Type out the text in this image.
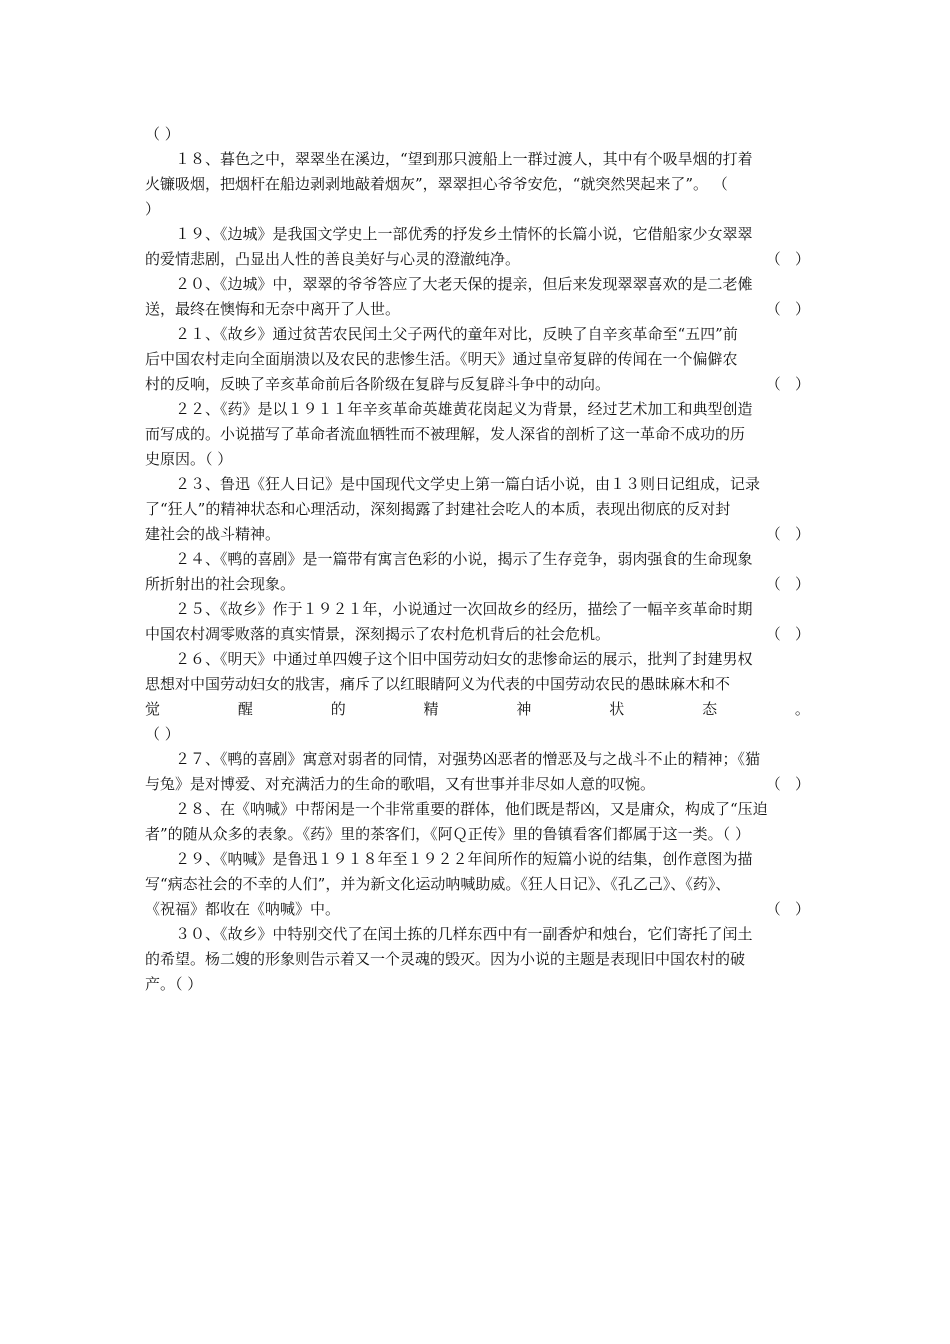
（ ）
１８、暮色之中，翠翠坐在溪边，“望到那只渡船上一群过渡人，其中有个吸旱烟的打着
火镰吸烟，把烟杆在船边剥剥地敲着烟灰”，翠翠担心爷爷安危，“就突然哭起来了”。 （
）
１９、《边城》是我国文学史上一部优秀的抒发乡土情怀的长篇小说，它借船家少女翠翠
的爱情悲剧，凸显出人性的善良美好与心灵的澄澈纯净。	（   ）
２０、《边城》中，翠翠的爷爷答应了大老天保的提亲，但后来发现翠翠喜欢的是二老傩
送，最终在懊悔和无奈中离开了人世。	（   ）
２１、《故乡》通过贫苦农民闰土父子两代的童年对比，反映了自辛亥革命至“五四”前
后中国农村走向全面崩溃以及农民的悲惨生活。《明天》通过皇帝复辟的传闻在一个偏僻农
村的反响，反映了辛亥革命前后各阶级在复辟与反复辟斗争中的动向。	（   ）
２２、《药》是以１９１１年辛亥革命英雄黄花岗起义为背景，经过艺术加工和典型创造
而写成的。小说描写了革命者流血牺牲而不被理解，发人深省的剖析了这一革命不成功的历
史原因。（ ）
２３、鲁迅《狂人日记》是中国现代文学史上第一篇白话小说，由１３则日记组成，记录
了“狂人”的精神状态和心理活动，深刻揭露了封建社会吃人的本质，表现出彻底的反对封
建社会的战斗精神。	（   ）
２４、《鸭的喜剧》是一篇带有寓言色彩的小说，揭示了生存竞争，弱肉强食的生命现象
所折射出的社会现象。	（   ）
２５、《故乡》作于１９２１年，小说通过一次回故乡的经历，描绘了一幅辛亥革命时期
中国农村凋零败落的真实情景，深刻揭示了农村危机背后的社会危机。	（   ）
２６、《明天》中通过单四嫂子这个旧中国劳动妇女的悲惨命运的展示，批判了封建男权
思想对中国劳动妇女的戕害，痛斥了以红眼睛阿义为代表的中国劳动农民的愚昧麻木和不
觉	醒	的	精	神	状	态	。
（ ）
２７、《鸭的喜剧》寓意对弱者的同情，对强势凶恶者的憎恶及与之战斗不止的精神；《猫
与兔》是对博爱、对充满活力的生命的歌唱，又有世事并非尽如人意的叹惋。	（   ）
２８、在《呐喊》中帮闲是一个非常重要的群体，他们既是帮凶，又是庸众，构成了“压迫
者”的随从众多的表象。《药》里的茶客们，《阿Ｑ正传》里的鲁镇看客们都属于这一类。（ ）
２９、《呐喊》是鲁迅１９１８年至１９２２年间所作的短篇小说的结集，创作意图为描
写“病态社会的不幸的人们”，并为新文化运动呐喊助威。《狂人日记》、《孔乙己》、《药》、
《祝福》都收在《呐喊》中。	（   ）
３０、《故乡》中特别交代了在闰土拣的几样东西中有一副香炉和烛台，它们寄托了闰土
的希望。杨二嫂的形象则告示着又一个灵魂的毁灭。因为小说的主题是表现旧中国农村的破
产。（ ）
